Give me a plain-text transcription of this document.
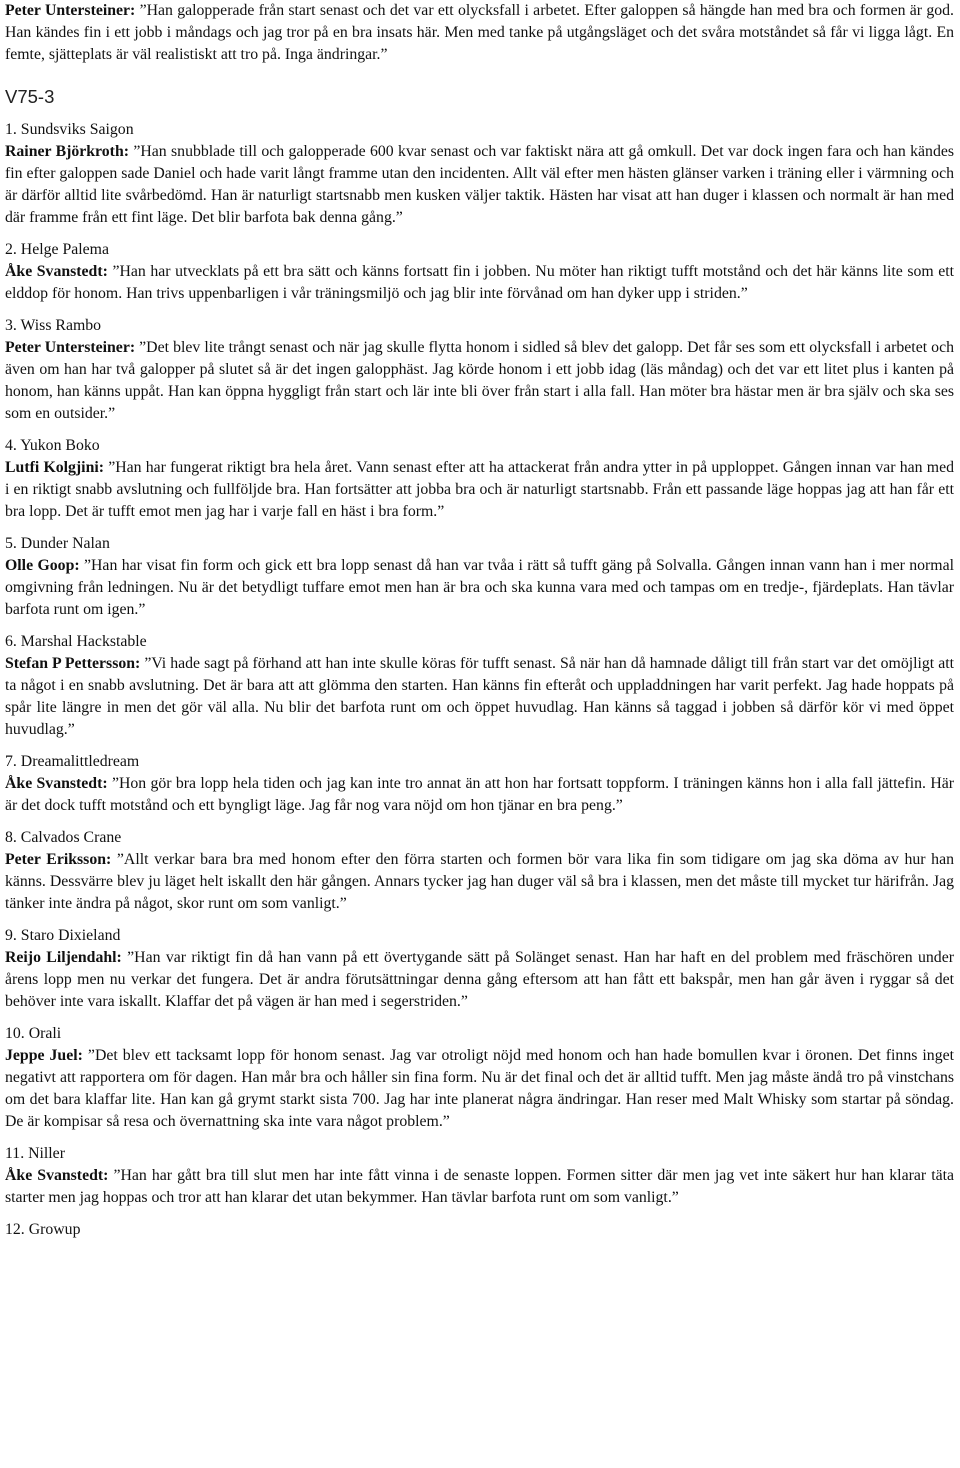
Peter Untersteiner: ”Han galopperade från start senast och det var ett olycksfall i arbetet. Efter galoppen så hängde han med bra och formen är god. Han kändes fin i ett jobb i måndags och jag tror på en bra insats här. Men med tanke på utgångsläget och det svåra motståndet så får vi ligga lågt. En femte, sjätteplats är väl realistiskt att tro på. Inga ändringar.”

V75-3

1. Sundsviks Saigon

Rainer Björkroth: ”Han snubblade till och galopperade 600 kvar senast och var faktiskt nära att gå omkull. Det var dock ingen fara och han kändes fin efter galoppen sade Daniel och hade varit långt framme utan den incidenten. Allt väl efter men hästen glänser varken i träning eller i värmning och är därför alltid lite svårbedömd. Han är naturligt startsnabb men kusken väljer taktik. Hästen har visat att han duger i klassen och normalt är han med där framme från ett fint läge. Det blir barfota bak denna gång.”

2. Helge Palema

Åke Svanstedt: ”Han har utvecklats på ett bra sätt och känns fortsatt fin i jobben. Nu möter han riktigt tufft motstånd och det här känns lite som ett elddop för honom. Han trivs uppenbarligen i vår träningsmiljö och jag blir inte förvånad om han dyker upp i striden.”

3. Wiss Rambo

Peter Untersteiner: ”Det blev lite trångt senast och när jag skulle flytta honom i sidled så blev det galopp. Det får ses som ett olycksfall i arbetet och även om han har två galopper på slutet så är det ingen galopphäst. Jag körde honom i ett jobb idag (läs måndag) och det var ett litet plus i kanten på honom, han känns uppåt. Han kan öppna hyggligt från start och lär inte bli över från start i alla fall. Han möter bra hästar men är bra själv och ska ses som en outsider.”

4. Yukon Boko

Lutfi Kolgjini: ”Han har fungerat riktigt bra hela året. Vann senast efter att ha attackerat från andra ytter in på upploppet. Gången innan var han med i en riktigt snabb avslutning och fullföljde bra. Han fortsätter att jobba bra och är naturligt startsnabb. Från ett passande läge hoppas jag att han får ett bra lopp. Det är tufft emot men jag har i varje fall en häst i bra form.”

5. Dunder Nalan

Olle Goop: ”Han har visat fin form och gick ett bra lopp senast då han var tvåa i rätt så tufft gäng på Solvalla. Gången innan vann han i mer normal omgivning från ledningen. Nu är det betydligt tuffare emot men han är bra och ska kunna vara med och tampas om en tredje-, fjärdeplats. Han tävlar barfota runt om igen.”

6. Marshal Hackstable

Stefan P Pettersson: ”Vi hade sagt på förhand att han inte skulle köras för tufft senast. Så när han då hamnade dåligt till från start var det omöjligt att ta något i en snabb avslutning. Det är bara att att glömma den starten. Han känns fin efteråt och uppladdningen har varit perfekt. Jag hade hoppats på spår lite längre in men det gör väl alla. Nu blir det barfota runt om och öppet huvudlag. Han känns så taggad i jobben så därför kör vi med öppet huvudlag.”

7. Dreamalittledream

Åke Svanstedt: ”Hon gör bra lopp hela tiden och jag kan inte tro annat än att hon har fortsatt toppform. I träningen känns hon i alla fall jättefin. Här är det dock tufft motstånd och ett byngligt läge. Jag får nog vara nöjd om hon tjänar en bra peng.”

8. Calvados Crane

Peter Eriksson: ”Allt verkar bara bra med honom efter den förra starten och formen bör vara lika fin som tidigare om jag ska döma av hur han känns. Dessvärre blev ju läget helt iskallt den här gången. Annars tycker jag han duger väl så bra i klassen, men det måste till mycket tur härifrån. Jag tänker inte ändra på något, skor runt om som vanligt.”

9. Staro Dixieland

Reijo Liljendahl: ”Han var riktigt fin då han vann på ett övertygande sätt på Solänget senast. Han har haft en del problem med fräschören under årens lopp men nu verkar det fungera. Det är andra förutsättningar denna gång eftersom att han fått ett bakspår, men han går även i ryggar så det behöver inte vara iskallt. Klaffar det på vägen är han med i segerstriden.”

10. Orali

Jeppe Juel: ”Det blev ett tacksamt lopp för honom senast. Jag var otroligt nöjd med honom och han hade bomullen kvar i öronen. Det finns inget negativt att rapportera om för dagen. Han mår bra och håller sin fina form. Nu är det final och det är alltid tufft. Men jag måste ändå tro på vinstchans om det bara klaffar lite. Han kan gå grymt starkt sista 700. Jag har inte planerat några ändringar. Han reser med Malt Whisky som startar på söndag. De är kompisar så resa och övernattning ska inte vara något problem.”

11. Niller

Åke Svanstedt: ”Han har gått bra till slut men har inte fått vinna i de senaste loppen. Formen sitter där men jag vet inte säkert hur han klarar täta starter men jag hoppas och tror att han klarar det utan bekymmer. Han tävlar barfota runt om som vanligt.”

12. Growup
